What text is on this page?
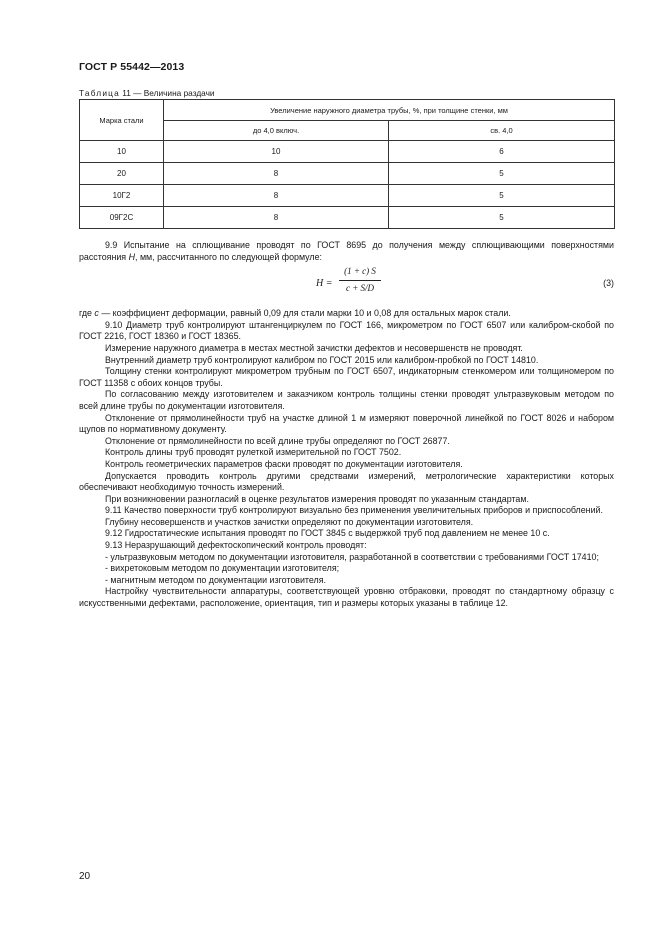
ГОСТ Р 55442—2013
Таблица 11 — Величина раздачи
Марка стали	Увеличение наружного диаметра трубы, %, при толщине стенки, мм	
	до 4,0 включ.	св. 4,0
10	10	6
20	8	5
10Г2	8	5
09Г2С	8	5

9.9 Испытание на сплющивание проводят по ГОСТ 8695 до получения между сплющивающими поверхностями расстояния H, мм, рассчитанного по следующей формуле:

H =
(1 + c) S
c + S/D	(3)

где c — коэффициент деформации, равный 0,09 для стали марки 10 и 0,08 для остальных марок стали.

9.10 Диаметр труб контролируют штангенциркулем по ГОСТ 166, микрометром по ГОСТ 6507 или калибром-скобой по ГОСТ 2216, ГОСТ 18360 и ГОСТ 18365.

Измерение наружного диаметра в местах местной зачистки дефектов и несовершенств не проводят.

Внутренний диаметр труб контролируют калибром по ГОСТ 2015 или калибром-пробкой по ГОСТ 14810.

Толщину стенки контролируют микрометром трубным по ГОСТ 6507, индикаторным стенкомером или толщиномером по ГОСТ 11358 с обоих концов трубы.

По согласованию между изготовителем и заказчиком контроль толщины стенки проводят ультразвуковым методом по всей длине трубы по документации изготовителя.

Отклонение от прямолинейности труб на участке длиной 1 м измеряют поверочной линейкой по ГОСТ 8026 и набором щупов по нормативному документу.

Отклонение от прямолинейности по всей длине трубы определяют по ГОСТ 26877.

Контроль длины труб проводят рулеткой измерительной по ГОСТ 7502.

Контроль геометрических параметров фаски проводят по документации изготовителя.

Допускается проводить контроль другими средствами измерений, метрологические характеристики которых обеспечивают необходимую точность измерений.

При возникновении разногласий в оценке результатов измерения проводят по указанным стандартам.

9.11 Качество поверхности труб контролируют визуально без применения увеличительных приборов и приспособлений.

Глубину несовершенств и участков зачистки определяют по документации изготовителя.

9.12 Гидростатические испытания проводят по ГОСТ 3845 с выдержкой труб под давлением не менее 10 с.

9.13 Неразрушающий дефектоскопический контроль проводят:

- ультразвуковым методом по документации изготовителя, разработанной в соответствии с требованиями ГОСТ 17410;

- вихретоковым методом по документации изготовителя;

- магнитным методом по документации изготовителя.

Настройку чувствительности аппаратуры, соответствующей уровню отбраковки, проводят по стандартному образцу с искусственными дефектами, расположение, ориентация, тип и размеры которых указаны в таблице 12.

20
